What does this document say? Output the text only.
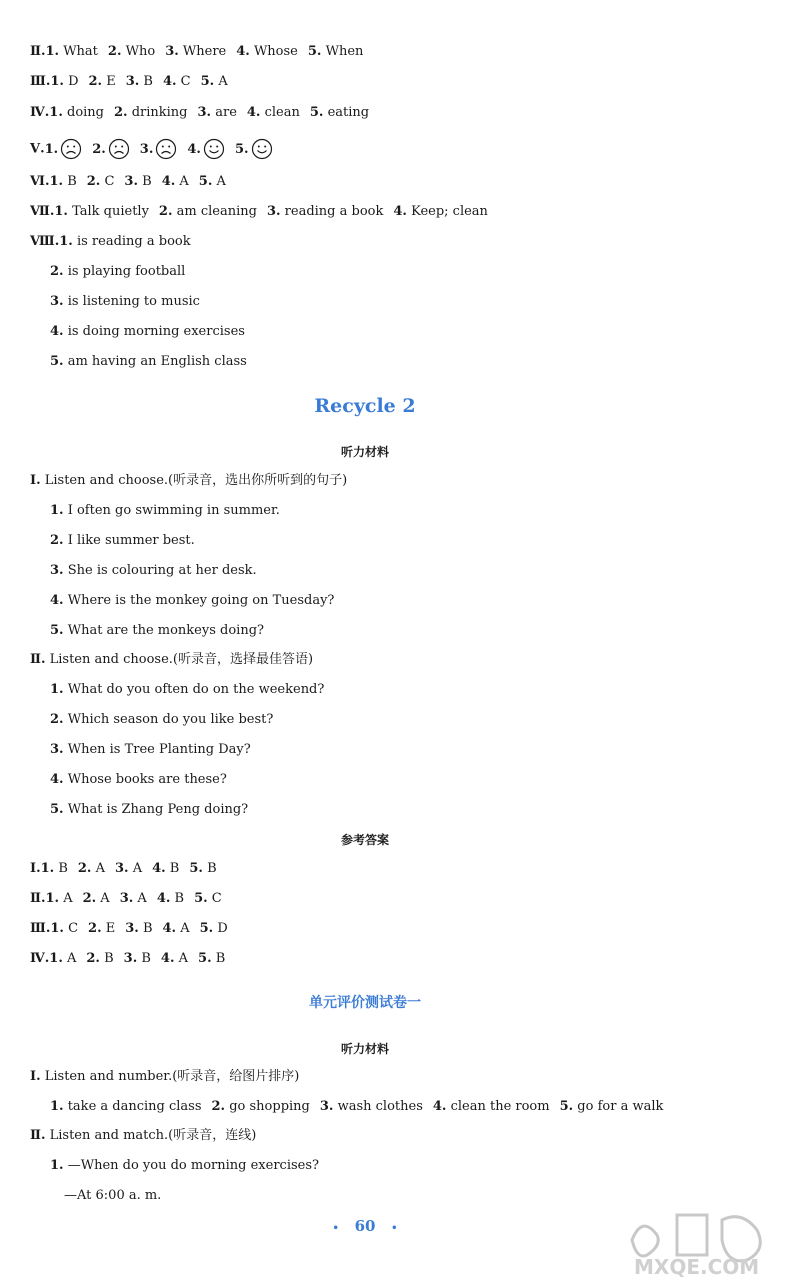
Ⅱ.1. What 2. Who 3. Where 4. Whose 5. When
Ⅲ.1. D 2. E 3. B 4. C 5. A
Ⅳ.1. doing 2. drinking 3. are 4. clean 5. eating
Ⅴ.1.	2.	3.	4.	5.
Ⅵ.1. B 2. C 3. B 4. A 5. A
Ⅶ.1. Talk quietly 2. am cleaning 3. reading a book 4. Keep; clean
Ⅷ.1. is reading a book
2. is playing football
3. is listening to music
4. is doing morning exercises
5. am having an English class
Recycle 2
听力材料
Ⅰ. Listen and choose.(听录音，选出你所听到的句子)
1. I often go swimming in summer.
2. I like summer best.
3. She is colouring at her desk.
4. Where is the monkey going on Tuesday?
5. What are the monkeys doing?
Ⅱ. Listen and choose.(听录音，选择最佳答语)
1. What do you often do on the weekend?
2. Which season do you like best?
3. When is Tree Planting Day?
4. Whose books are these?
5. What is Zhang Peng doing?
参考答案
Ⅰ.1. B 2. A 3. A 4. B 5. B
Ⅱ.1. A 2. A 3. A 4. B 5. C
Ⅲ.1. C 2. E 3. B 4. A 5. D
Ⅳ.1. A 2. B 3. B 4. A 5. B
单元评价测试卷一
听力材料
Ⅰ. Listen and number.(听录音，给图片排序)
1. take a dancing class 2. go shopping 3. wash clothes 4. clean the room 5. go for a walk
Ⅱ. Listen and match.(听录音，连线)
1. —When do you do morning exercises?
—At 6:00 a. m.
• 60 •
MXQE.COM
